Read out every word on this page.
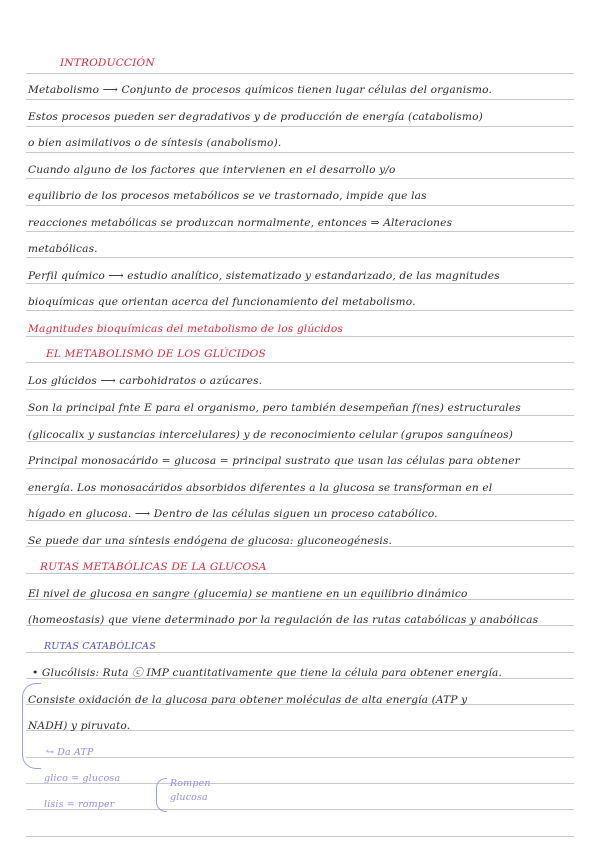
INTRODUCCIÓN
Metabolismo ⟶ Conjunto de procesos químicos tienen lugar células del organismo.
Estos procesos pueden ser degradativos y de producción de energía (catabolismo)
o bien asimilativos o de síntesis (anabolismo).
Cuando alguno de los factores que intervienen en el desarrollo y/o
equilibrio de los procesos metabólicos se ve trastornado, impide que las
reacciones metabólicas se produzcan normalmente, entonces ⇒ Alteraciones
metabólicas.
Perfil químico ⟶ estudio analítico, sistematizado y estandarizado, de las magnitudes
bioquímicas que orientan acerca del funcionamiento del metabolismo.
Magnitudes bioquímicas del metabolismo de los glúcidos
EL METABOLISMO DE LOS GLÚCIDOS
Los glúcidos ⟶ carbohidratos o azúcares.
Son la principal fnte E para el organismo, pero también desempeñan f(nes) estructurales
(glicocalix y sustancias intercelulares) y de reconocimiento celular (grupos sanguíneos)
Principal monosacárido = glucosa = principal sustrato que usan las células para obtener
energía. Los monosacáridos absorbidos diferentes a la glucosa se transforman en el
hígado en glucosa. ⟶ Dentro de las células siguen un proceso catabólico.
Se puede dar una síntesis endógena de glucosa: gluconeogénesis.
RUTAS METABÓLICAS DE LA GLUCOSA
El nivel de glucosa en sangre (glucemia) se mantiene en un equilibrio dinámico
(homeostasis) que viene determinado por la regulación de las rutas catabólicas y anabólicas
RUTAS CATABÓLICAS
• Glucólisis: Ruta ⓒ IMP cuantitativamente que tiene la célula para obtener energía.
Consiste oxidación de la glucosa para obtener moléculas de alta energía (ATP y
NADH) y piruvato.
↪ Da ATP
glico = glucosa
lisis = romper
Rompen
glucosa
